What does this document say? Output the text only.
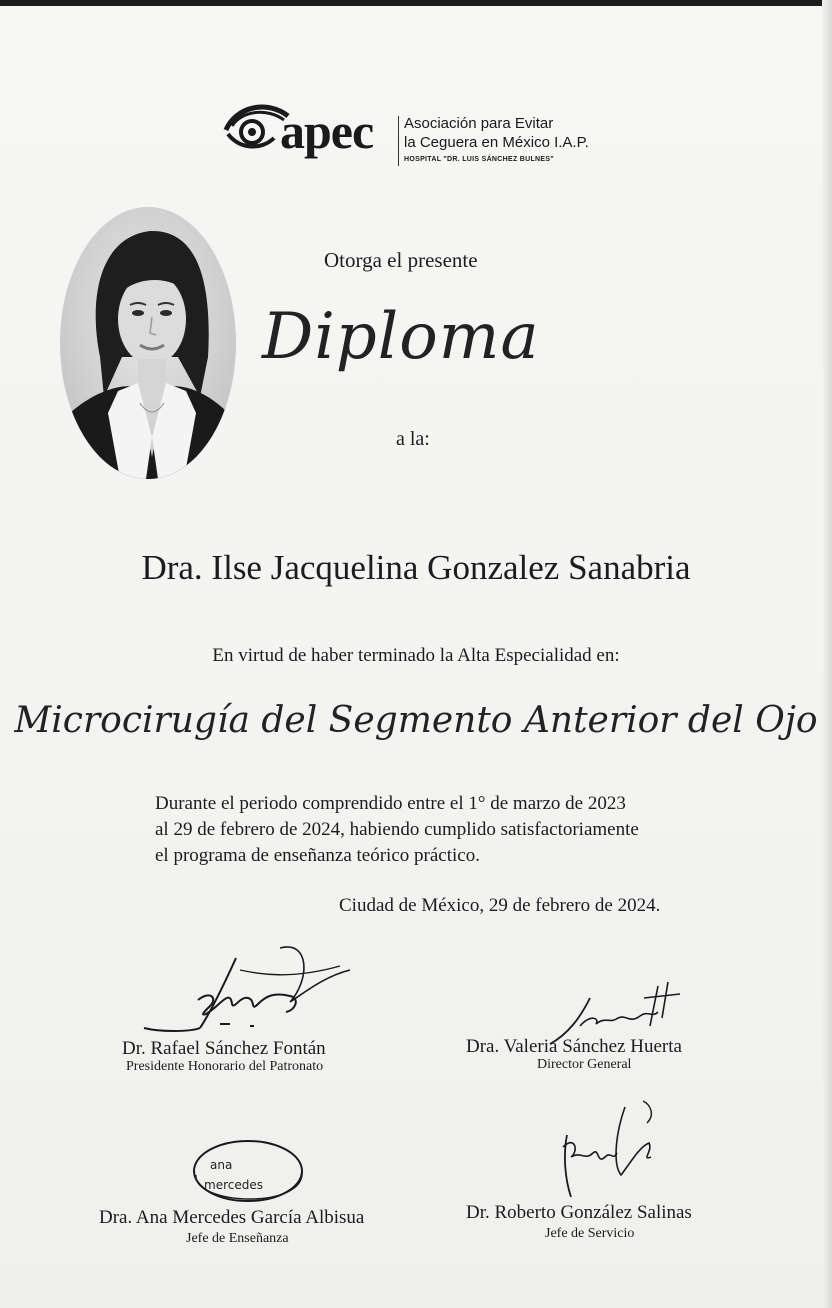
apec Asociación para Evitar
la Ceguera en México I.A.P.
HOSPITAL "DR. LUIS SÁNCHEZ BULNES"
Otorga el presente
Diploma
a la:
Dra. Ilse Jacquelina Gonzalez Sanabria
En virtud de haber terminado la Alta Especialidad en:
Microcirugía del Segmento Anterior del Ojo
Durante el periodo comprendido entre el 1° de marzo de 2023
al 29 de febrero de 2024, habiendo cumplido satisfactoriamente
el programa de enseñanza teórico práctico.
Ciudad de México, 29 de febrero de 2024.
Dr. Rafael Sánchez Fontán
Presidente Honorario del Patronato
Dra. Valeria Sánchez Huerta
Director General
ana
mercedes
Dra. Ana Mercedes García Albisua
Jefe de Enseñanza
Dr. Roberto González Salinas
Jefe de Servicio
